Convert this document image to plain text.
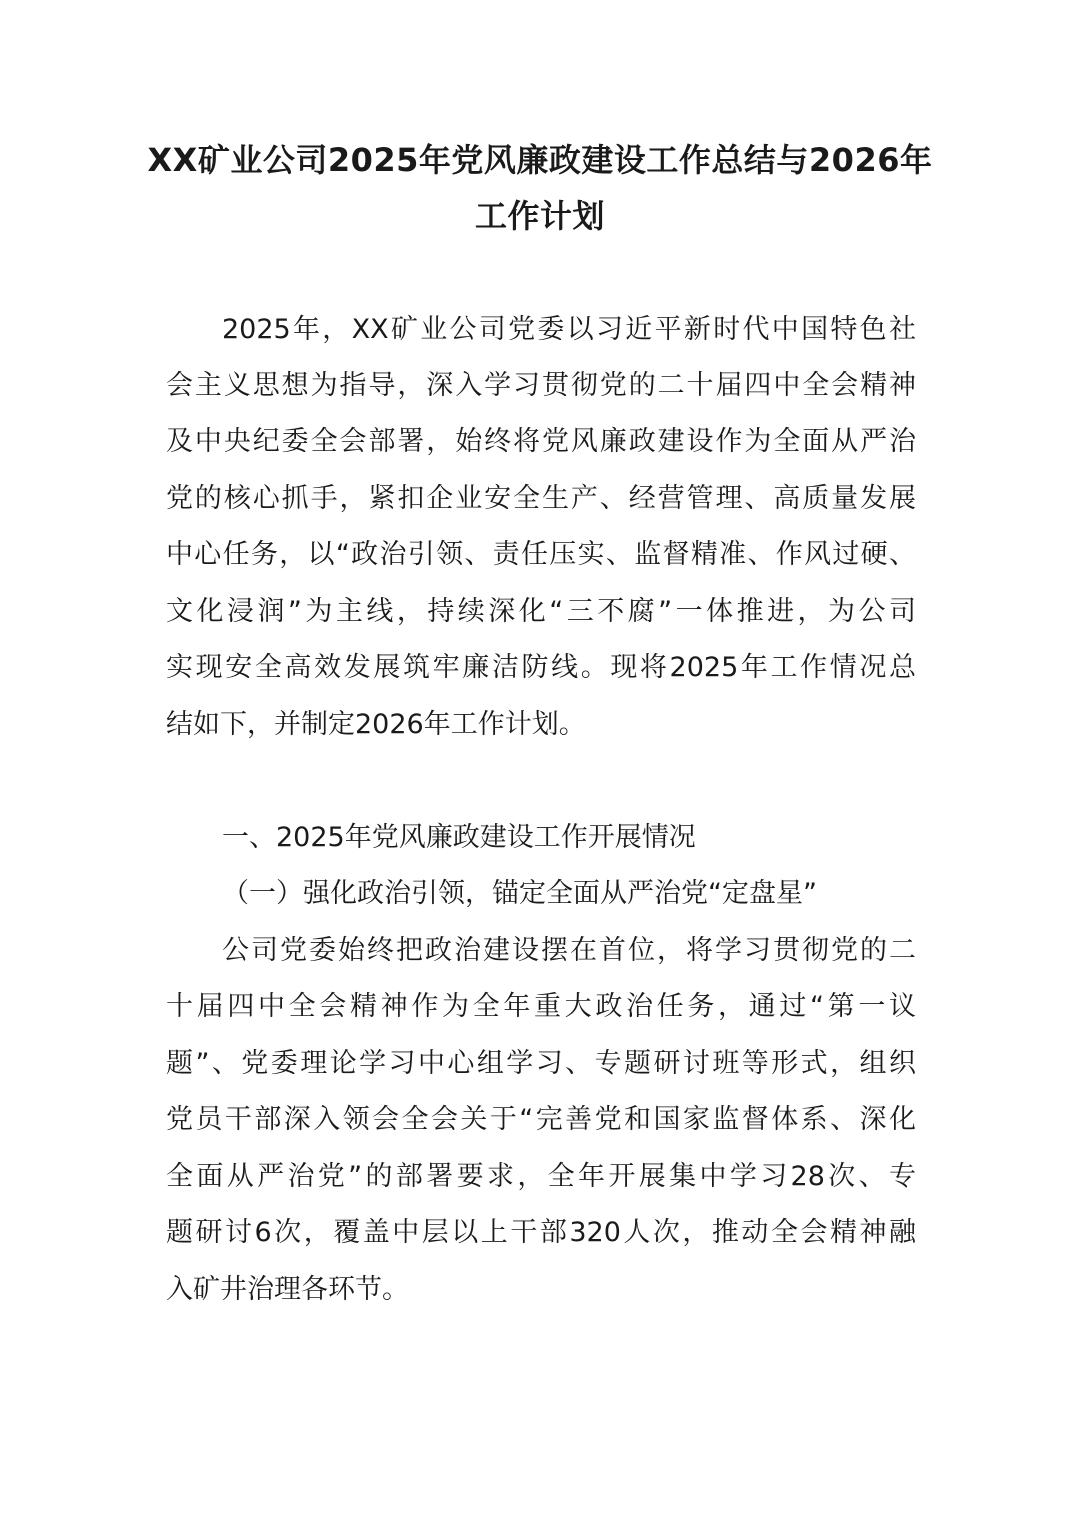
XX矿业公司2025年党风廉政建设工作总结与2026年
工作计划
2025年，XX矿业公司党委以习近平新时代中国特色社
会主义思想为指导，深入学习贯彻党的二十届四中全会精神
及中央纪委全会部署，始终将党风廉政建设作为全面从严治
党的核心抓手，紧扣企业安全生产、经营管理、高质量发展
中心任务，以“政治引领、责任压实、监督精准、作风过硬、
文化浸润”为主线，持续深化“三不腐”一体推进，为公司
实现安全高效发展筑牢廉洁防线。现将2025年工作情况总
结如下，并制定2026年工作计划。
一、2025年党风廉政建设工作开展情况
（一）强化政治引领，锚定全面从严治党“定盘星”
公司党委始终把政治建设摆在首位，将学习贯彻党的二
十届四中全会精神作为全年重大政治任务，通过“第一议
题”、党委理论学习中心组学习、专题研讨班等形式，组织
党员干部深入领会全会关于“完善党和国家监督体系、深化
全面从严治党”的部署要求，全年开展集中学习28次、专
题研讨6次，覆盖中层以上干部320人次，推动全会精神融
入矿井治理各环节。
